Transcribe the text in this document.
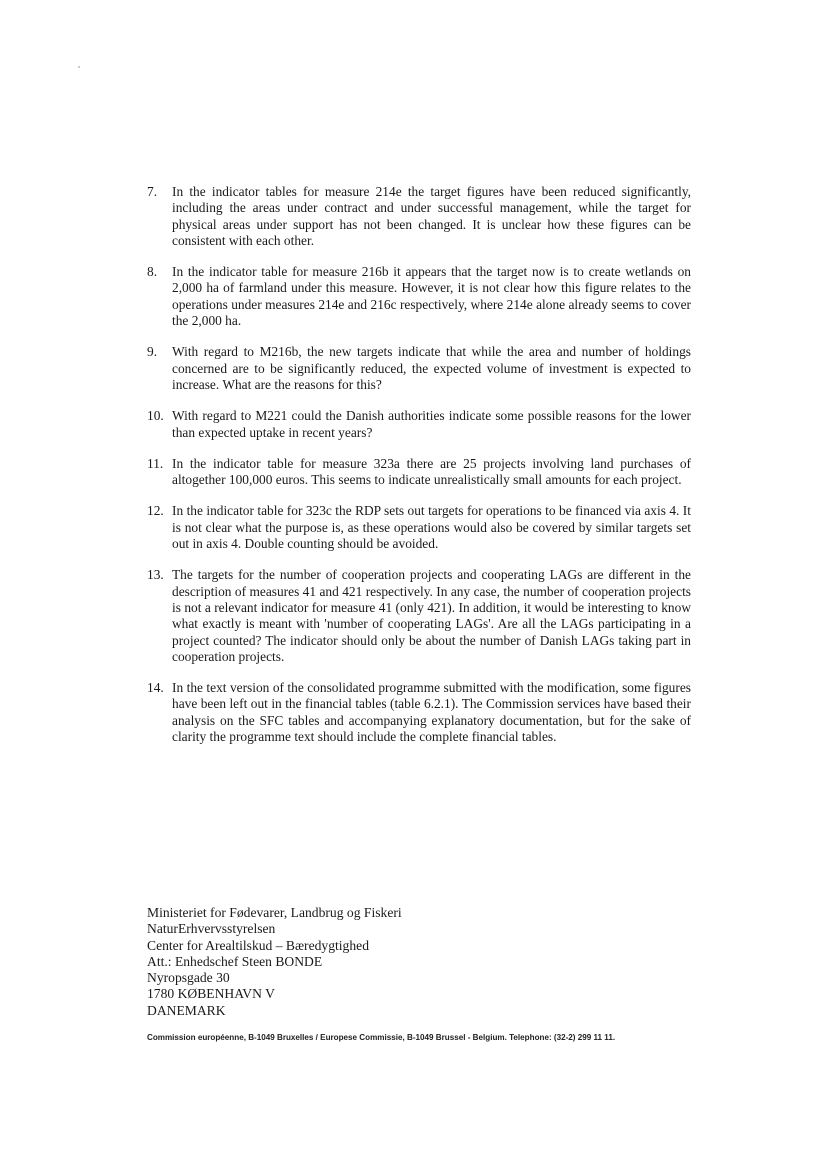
7.	In the indicator tables for measure 214e the target figures have been reduced significantly, including the areas under contract and under successful management, while the target for physical areas under support has not been changed. It is unclear how these figures can be consistent with each other.
8.	In the indicator table for measure 216b it appears that the target now is to create wetlands on 2,000 ha of farmland under this measure. However, it is not clear how this figure relates to the operations under measures 214e and 216c respectively, where 214e alone already seems to cover the 2,000 ha.
9.	With regard to M216b, the new targets indicate that while the area and number of holdings concerned are to be significantly reduced, the expected volume of investment is expected to increase. What are the reasons for this?
10. With regard to M221 could the Danish authorities indicate some possible reasons for the lower than expected uptake in recent years?
11. In the indicator table for measure 323a there are 25 projects involving land purchases of altogether 100,000 euros. This seems to indicate unrealistically small amounts for each project.
12. In the indicator table for 323c the RDP sets out targets for operations to be financed via axis 4. It is not clear what the purpose is, as these operations would also be covered by similar targets set out in axis 4. Double counting should be avoided.
13. The targets for the number of cooperation projects and cooperating LAGs are different in the description of measures 41 and 421 respectively. In any case, the number of cooperation projects is not a relevant indicator for measure 41 (only 421). In addition, it would be interesting to know what exactly is meant with 'number of cooperating LAGs'. Are all the LAGs participating in a project counted? The indicator should only be about the number of Danish LAGs taking part in cooperation projects.
14. In the text version of the consolidated programme submitted with the modification, some figures have been left out in the financial tables (table 6.2.1). The Commission services have based their analysis on the SFC tables and accompanying explanatory documentation, but for the sake of clarity the programme text should include the complete financial tables.
Ministeriet for Fødevarer, Landbrug og Fiskeri
NaturErhvervsstyrelsen
Center for Arealtilskud – Bæredygtighed
Att.: Enhedschef Steen BONDE
Nyropsgade 30
1780 KØBENHAVN V
DANEMARK
Commission européenne, B-1049 Bruxelles / Europese Commissie, B-1049 Brussel - Belgium. Telephone: (32-2) 299 11 11.
